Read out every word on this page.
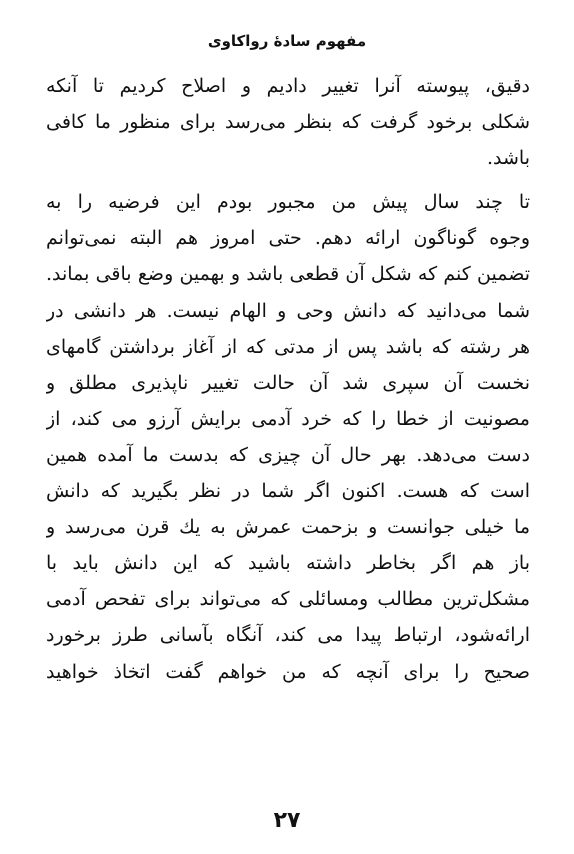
مفهوم سادهٔ رواکاوی
دقیق، پیوسته آنرا تغییر دادیم و اصلاح کردیم تا آنکه
شکلی برخود گرفت که بنظر می‌رسد برای منظور ما کافی
باشد.
تا چند سال پیش من مجبور بودم این فرضیه را به
وجوه گوناگون ارائه دهم. حتی امروز هم البته نمی‌توانم
تضمین کنم که شکل آن قطعی باشد و بهمین وضع باقی بماند.
شما می‌دانید که دانش وحی و الهام نیست. هر دانشی در
هر رشته که باشد پس از مدتی که از آغاز برداشتن گامهای
نخست آن سپری شد آن حالت تغییر ناپذیری مطلق و
مصونیت از خطا را که خرد آدمی برایش آرزو می کند، از
دست می‌دهد. بهر حال آن چیزی که بدست ما آمده همین
است که هست. اکنون اگر شما در نظر بگیرید که دانش
ما خیلی جوانست و بزحمت عمرش به یك قرن می‌رسد و
باز هم اگر بخاطر داشته باشید که این دانش باید با
مشکل‌ترین مطالب ومسائلی که می‌تواند برای تفحص آدمی
ارائه‌شود، ارتباط پیدا می کند، آنگاه بآسانی طرز برخورد
صحیح را برای آنچه که من خواهم گفت اتخاذ خواهید
۲۷
